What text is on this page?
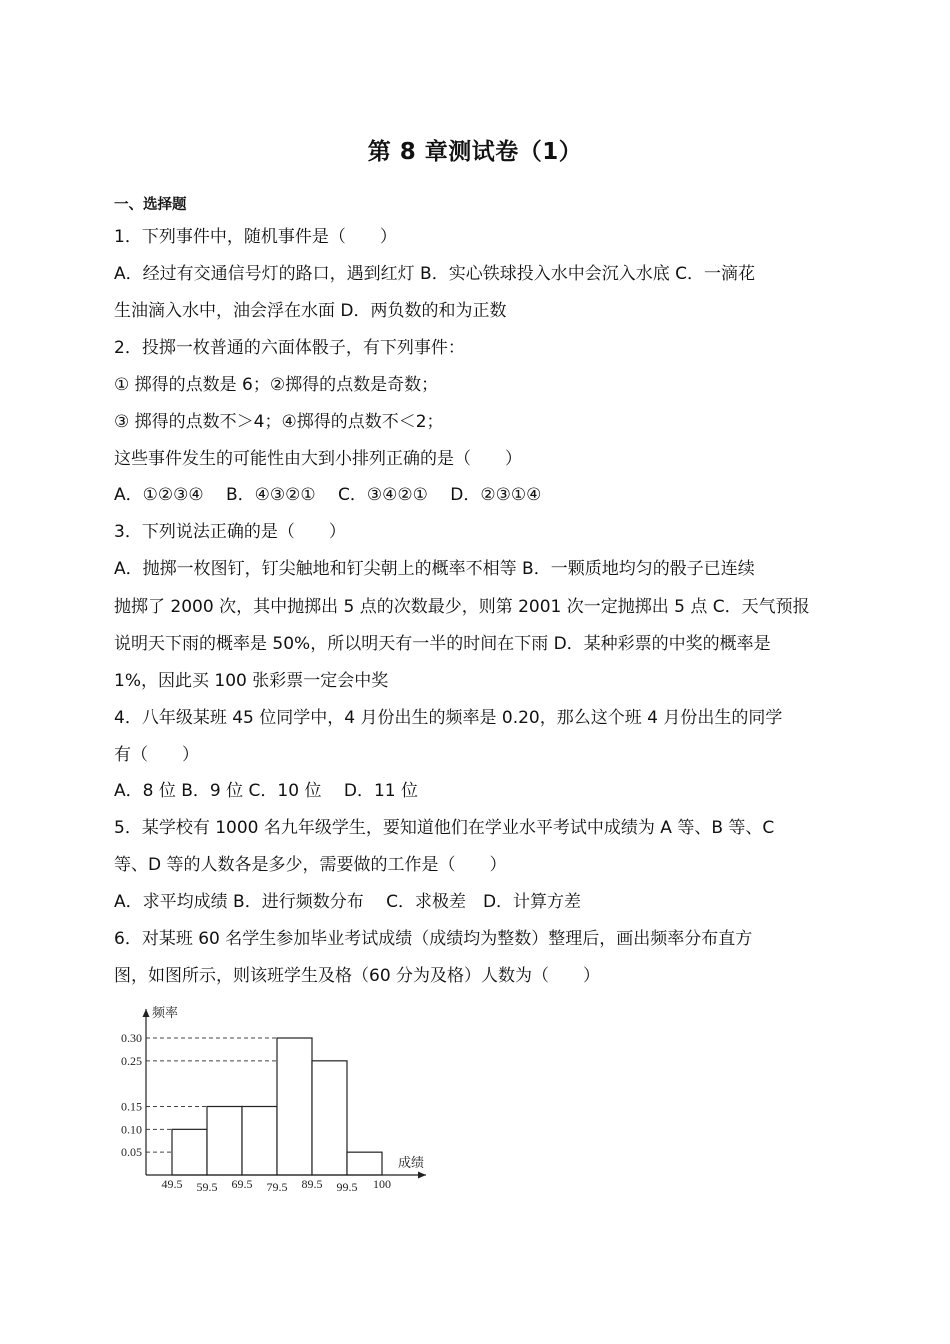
第 8 章测试卷（1）
一、选择题
1．下列事件中，随机事件是（　　）
A．经过有交通信号灯的路口，遇到红灯 B．实心铁球投入水中会沉入水底 C．一滴花
生油滴入水中，油会浮在水面 D．两负数的和为正数
2．投掷一枚普通的六面体骰子，有下列事件：
① 掷得的点数是 6；②掷得的点数是奇数；
③ 掷得的点数不＞4；④掷得的点数不＜2；
这些事件发生的可能性由大到小排列正确的是（　　）
A．①②③④　 B．④③②①　 C．③④②①　 D．②③①④
3．下列说法正确的是（　　）
A．抛掷一枚图钉，钉尖触地和钉尖朝上的概率不相等 B．一颗质地均匀的骰子已连续
抛掷了 2000 次，其中抛掷出 5 点的次数最少，则第 2001 次一定抛掷出 5 点 C．天气预报
说明天下雨的概率是 50%，所以明天有一半的时间在下雨 D．某种彩票的中奖的概率是
1%，因此买 100 张彩票一定会中奖
4．八年级某班 45 位同学中，4 月份出生的频率是 0.20，那么这个班 4 月份出生的同学
有（　　）
A．8 位 B．9 位 C．10 位　 D．11 位
5．某学校有 1000 名九年级学生，要知道他们在学业水平考试中成绩为 A 等、B 等、C
等、D 等的人数各是多少，需要做的工作是（　　）
A．求平均成绩 B．进行频数分布　 C．求极差　D．计算方差
6．对某班 60 名学生参加毕业考试成绩（成绩均为整数）整理后，画出频率分布直方
图，如图所示，则该班学生及格（60 分为及格）人数为（　　）
0.30
0.25
0.15
0.10
0.05
频率
成绩
49.5 59.5 69.5 79.5 89.5 99.5 100
